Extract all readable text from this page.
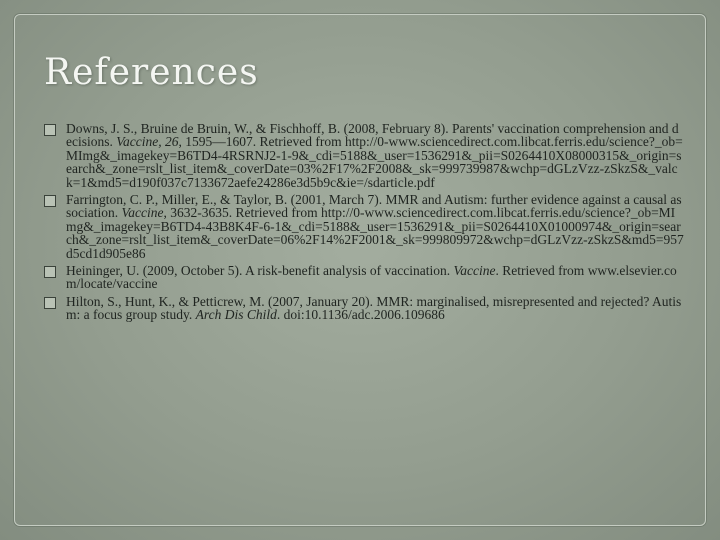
References
Downs, J. S., Bruine de Bruin, W., & Fischhoff, B. (2008, February 8). Parents' vaccination comprehension and decisions. Vaccine, 26, 1595—1607. Retrieved from http://0-www.sciencedirect.com.libcat.ferris.edu/science?_ob=MImg&_imagekey=B6TD4-4RSRNJ2-1-9&_cdi=5188&_user=1536291&_pii=S0264410X08000315&_origin=search&_zone=rslt_list_item&_coverDate=03%2F17%2F2008&_sk=999739987&wchp=dGLzVzz-zSkzS&_valck=1&md5=d190f037c7133672aefe24286e3d5b9c&ie=/sdarticle.pdf
Farrington, C. P., Miller, E., & Taylor, B. (2001, March 7). MMR and Autism: further evidence against a causal association. Vaccine, 3632-3635. Retrieved from http://0-www.sciencedirect.com.libcat.ferris.edu/science?_ob=MImg&_imagekey=B6TD4-43B8K4F-6-1&_cdi=5188&_user=1536291&_pii=S0264410X01000974&_origin=search&_zone=rslt_list_item&_coverDate=06%2F14%2F2001&_sk=999809972&wchp=dGLzVzz-zSkzS&md5=957d5cd1d905e86
Heininger, U. (2009, October 5). A risk-benefit analysis of vaccination. Vaccine. Retrieved from www.elsevier.com/locate/vaccine
Hilton, S., Hunt, K., & Petticrew, M. (2007, January 20). MMR: marginalised, misrepresented and rejected? Autism: a focus group study. Arch Dis Child. doi:10.1136/adc.2006.109686
